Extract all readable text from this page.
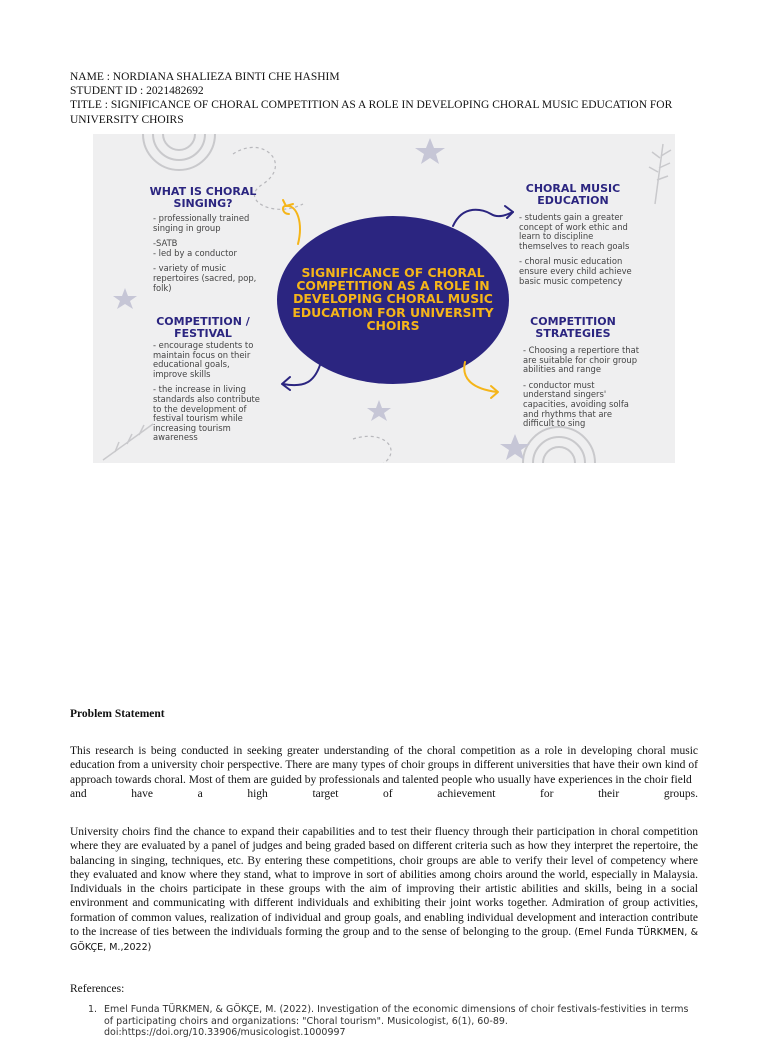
NAME : NORDIANA SHALIEZA BINTI CHE HASHIM
STUDENT ID : 2021482692
TITLE : SIGNIFICANCE OF CHORAL COMPETITION AS A ROLE IN DEVELOPING CHORAL MUSIC EDUCATION FOR UNIVERSITY CHOIRS
SIGNIFICANCE OF CHORAL COMPETITION AS A ROLE IN DEVELOPING CHORAL MUSIC EDUCATION FOR UNIVERSITY CHOIRS
WHAT IS CHORAL SINGING?

- professionally trained singing in group

-SATB

- led by a conductor

- variety of music repertoires (sacred, pop, folk)

CHORAL MUSIC EDUCATION

- students gain a greater concept of work ethic and learn to discipline themselves to reach goals

- choral music education ensure every child achieve basic music competency

COMPETITION / FESTIVAL

- encourage students to maintain focus on their educational goals, improve skills

- the increase in living standards also contribute to the development of festival tourism while increasing tourism awareness

COMPETITION STRATEGIES

- Choosing a repertiore that are suitable for choir group abilities and range

- conductor must understand singers' capacities, avoiding solfa and rhythms that are difficult to sing

Problem Statement
This research is being conducted in seeking greater understanding of the choral competition as a role in developing choral music education from a university choir perspective. There are many types of choir groups in different universities that have their own kind of approach towards choral. Most of them are guided by professionals and talented people who usually have experiences in the choir field
and have a high target of achievement for their groups.
University choirs find the chance to expand their capabilities and to test their fluency through their participation in choral competition where they are evaluated by a panel of judges and being graded based on different criteria such as how they interpret the repertoire, the balancing in singing, techniques, etc. By entering these competitions, choir groups are able to verify their level of competency where they evaluated and know where they stand, what to improve in sort of abilities among choirs around the world, especially in Malaysia. Individuals in the choirs participate in these groups with the aim of improving their artistic abilities and skills, being in a social environment and communicating with different individuals and exhibiting their joint works together. Admiration of group activities, formation of common values, realization of individual and group goals, and enabling individual development and interaction contribute to the increase of ties between the individuals forming the group and to the sense of belonging to the group. (Emel Funda TÜRKMEN, & GÖKÇE, M.,2022)
References:
1. Emel Funda TÜRKMEN, & GÖKÇE, M. (2022). Investigation of the economic dimensions of choir festivals-festivities in terms of participating choirs and organizations: "Choral tourism". Musicologist, 6(1), 60-89. doi:https://doi.org/10.33906/musicologist.1000997
